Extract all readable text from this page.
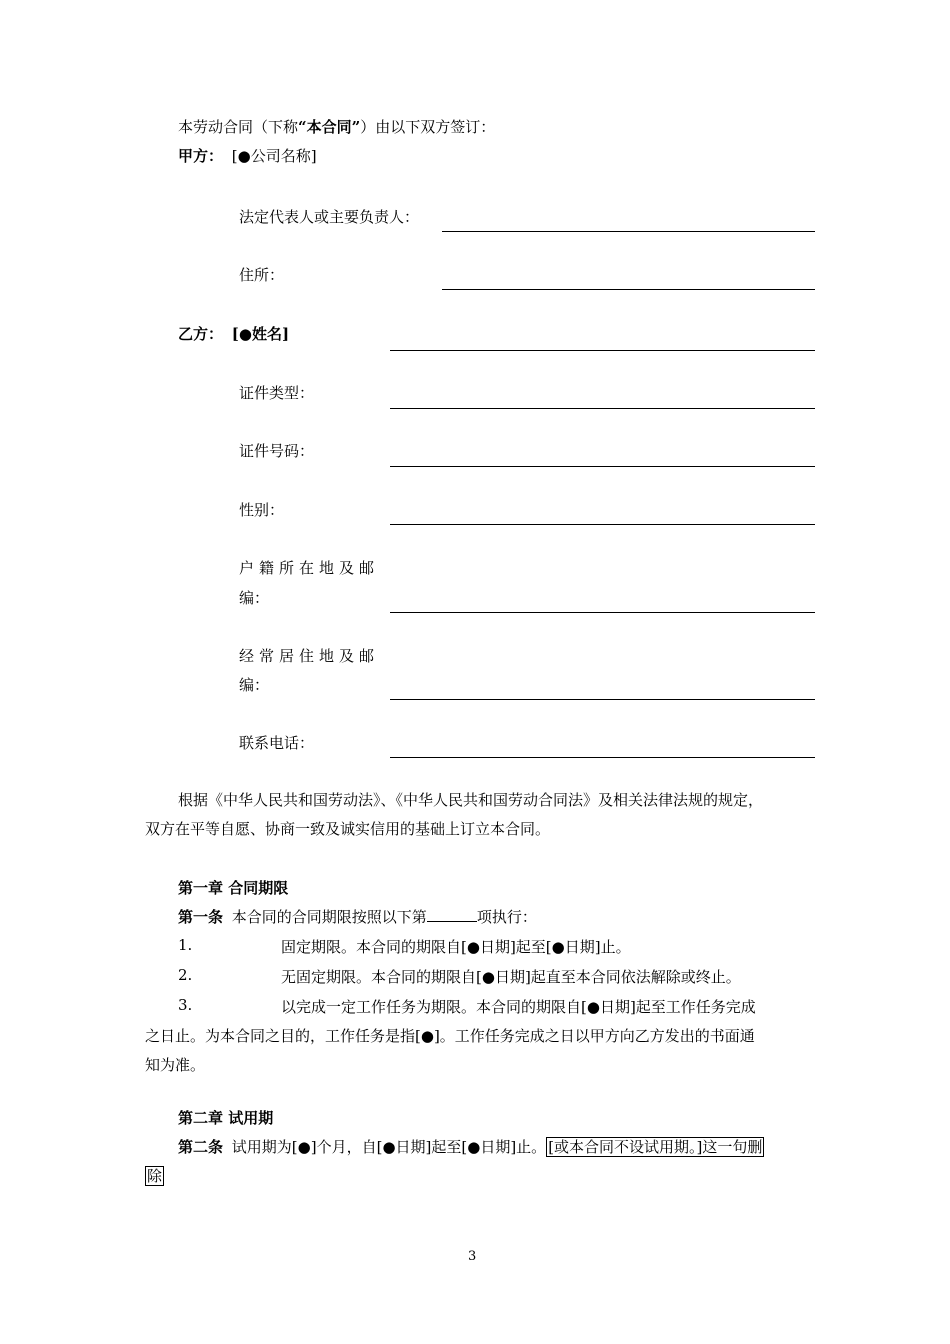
本劳动合同（下称“本合同”）由以下双方签订：
甲方： [●公司名称]
法定代表人或主要负责人：
住所：
乙方： [●姓名]
证件类型：
证件号码：
性别：
户籍所在地及邮
编：
经常居住地及邮
编：
联系电话：
根据《中华人民共和国劳动法》、《中华人民共和国劳动合同法》及相关法律法规的规定，
双方在平等自愿、协商一致及诚实信用的基础上订立本合同。
第一章 合同期限
第一条 本合同的合同期限按照以下第	项执行：
1.	固定期限。本合同的期限自[●日期]起至[●日期]止。
2.	无固定期限。本合同的期限自[●日期]起直至本合同依法解除或终止。
3.	以完成一定工作任务为期限。本合同的期限自[●日期]起至工作任务完成
之日止。为本合同之目的，工作任务是指[●]。工作任务完成之日以甲方向乙方发出的书面通
知为准。
第二章 试用期
第二条 试用期为[●]个月，自[●日期]起至[●日期]止。 [或本合同不设试用期。]这一句删
除
3
